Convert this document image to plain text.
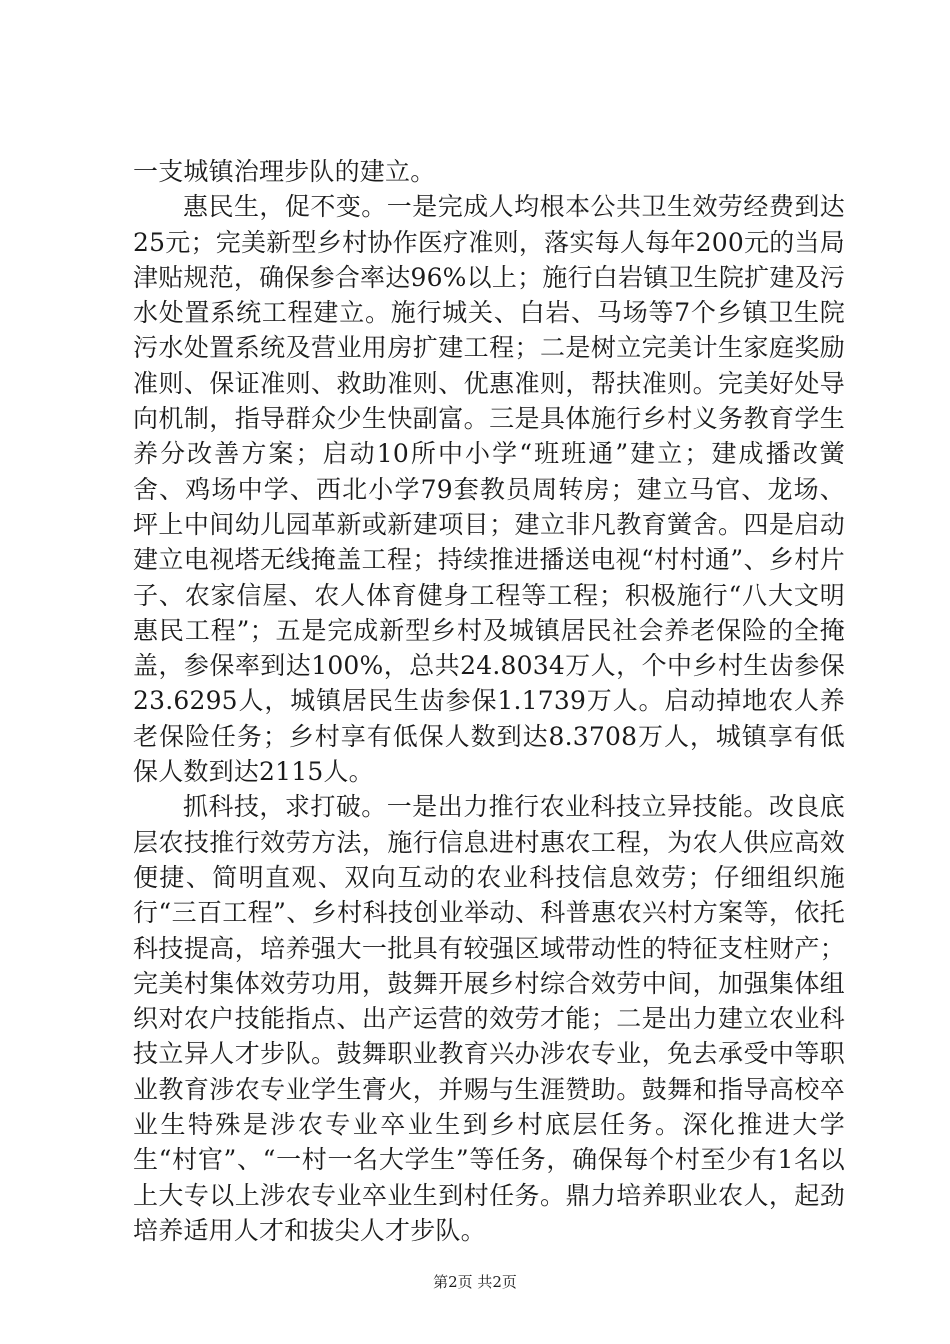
一支城镇治理步队的建立。

惠民生，促不变。一是完成人均根本公共卫生效劳经费到达25元；完美新型乡村协作医疗准则，落实每人每年200元的当局津贴规范，确保参合率达96%以上；施行白岩镇卫生院扩建及污水处置系统工程建立。施行城关、白岩、马场等7个乡镇卫生院污水处置系统及营业用房扩建工程；二是树立完美计生家庭奖励准则、保证准则、救助准则、优惠准则，帮扶准则。完美好处导向机制，指导群众少生快副富。三是具体施行乡村义务教育学生养分改善方案；启动10所中小学“班班通”建立；建成播改黉舍、鸡场中学、西北小学79套教员周转房；建立马官、龙场、坪上中间幼儿园革新或新建项目；建立非凡教育黉舍。四是启动建立电视塔无线掩盖工程；持续推进播送电视“村村通”、乡村片子、农家信屋、农人体育健身工程等工程；积极施行“八大文明惠民工程”；五是完成新型乡村及城镇居民社会养老保险的全掩盖，参保率到达100%，总共24.8034万人，个中乡村生齿参保23.6295人，城镇居民生齿参保1.1739万人。启动掉地农人养老保险任务；乡村享有低保人数到达8.3708万人，城镇享有低保人数到达2115人。

抓科技，求打破。一是出力推行农业科技立异技能。改良底层农技推行效劳方法，施行信息进村惠农工程，为农人供应高效便捷、简明直观、双向互动的农业科技信息效劳；仔细组织施行“三百工程”、乡村科技创业举动、科普惠农兴村方案等，依托科技提高，培养强大一批具有较强区域带动性的特征支柱财产；完美村集体效劳功用，鼓舞开展乡村综合效劳中间，加强集体组织对农户技能指点、出产运营的效劳才能；二是出力建立农业科技立异人才步队。鼓舞职业教育兴办涉农专业，免去承受中等职业教育涉农专业学生膏火，并赐与生涯赞助。鼓舞和指导高校卒业生特殊是涉农专业卒业生到乡村底层任务。深化推进大学生“村官”、“一村一名大学生”等任务，确保每个村至少有1名以上大专以上涉农专业卒业生到村任务。鼎力培养职业农人，起劲培养适用人才和拔尖人才步队。

第2页 共2页
